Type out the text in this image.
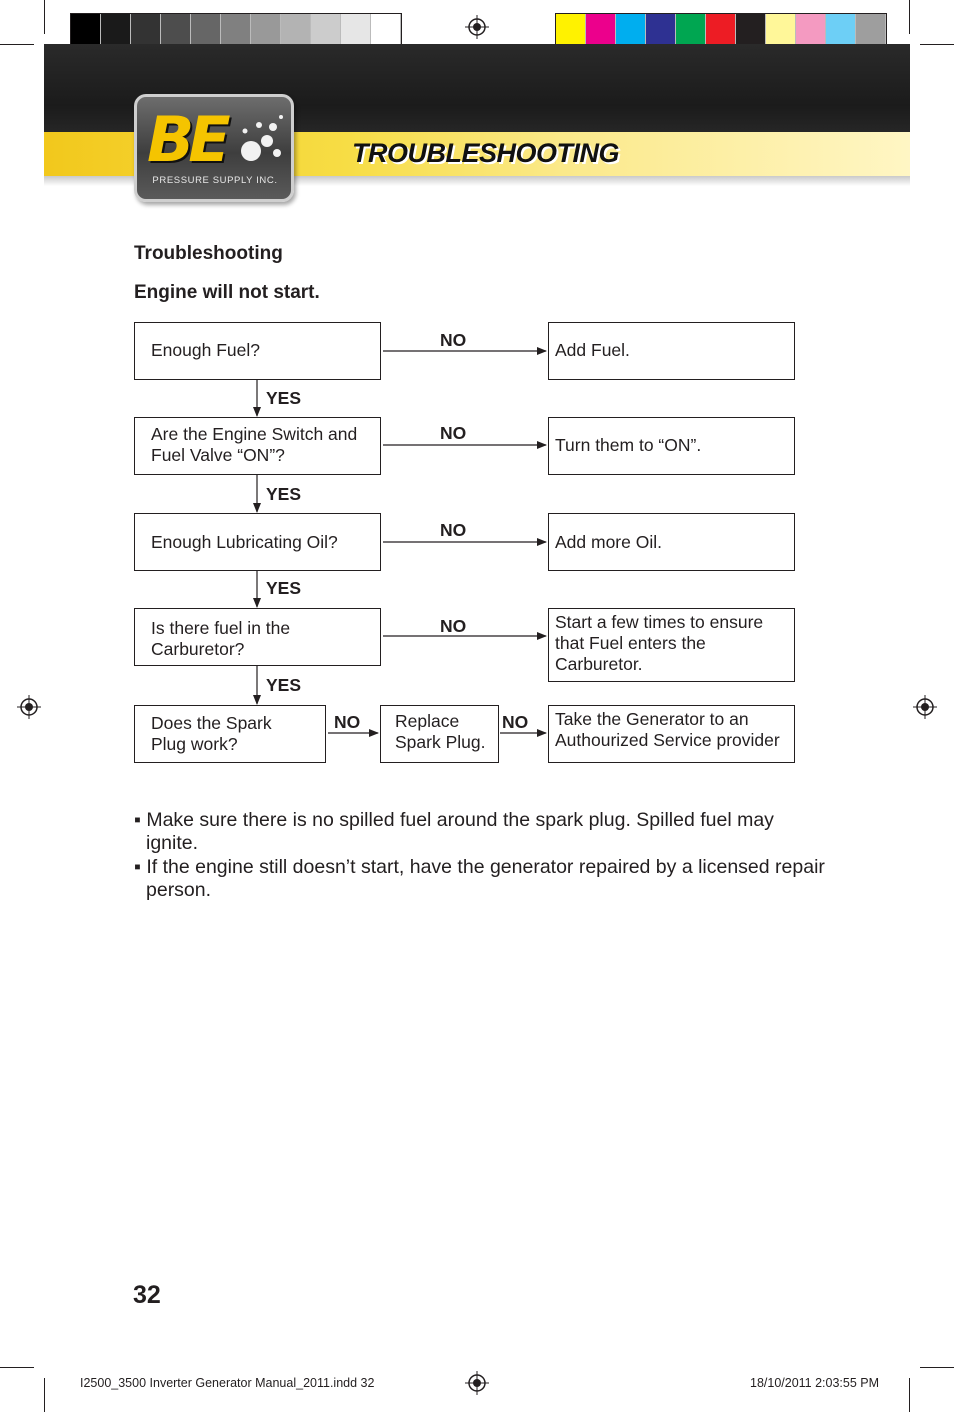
TROUBLESHOOTING
BE
PRESSURE SUPPLY INC.
Troubleshooting
Engine will not start.
Enough Fuel?
Are the Engine Switch and Fuel Valve “ON”?
Enough Lubricating Oil?
Is there fuel in the Carburetor?
Does the Spark Plug work?
Add Fuel.
Turn them to “ON”.
Add more Oil.
Start a few times to ensure that Fuel enters the Carburetor.
Replace Spark Plug.
Take the Generator to an Authourized Service provider
NO
NO
NO
NO
NO	NO
YES
YES
YES
YES
▪ Make sure there is no spilled fuel around the spark plug. Spilled fuel may ignite.
▪ If the engine still doesn’t start, have the generator repaired by a licensed repair person.
32
I2500_3500 Inverter Generator Manual_2011.indd 32	18/10/2011 2:03:55 PM
